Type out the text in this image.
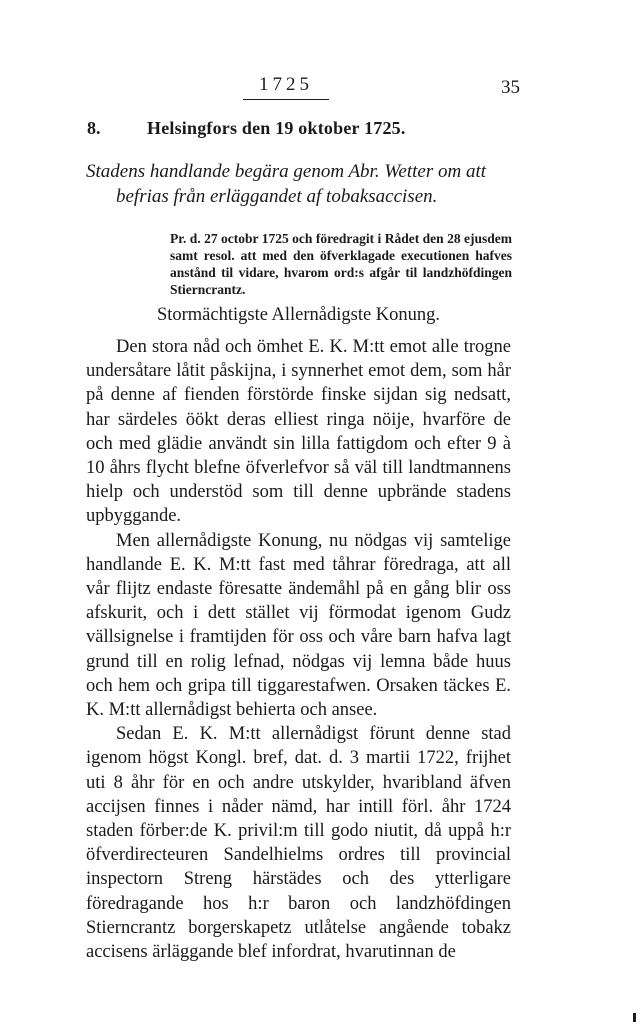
1725	35
8.	Helsingfors den 19 oktober 1725.
Stadens handlande begära genom Abr. Wetter om att
befrias från erläggandet af tobaksaccisen.
Pr. d. 27 octobr 1725 och föredragit i Rådet den 28 ejusdem samt resol. att med den öfverklagade executionen hafves anstånd til vidare, hvarom ord:s afgår til landzhöfdingen Stierncrantz.
Stormächtigste Allernådigste Konung.

Den stora nåd och ömhet E. K. M:tt emot alle trogne undersåtare låtit påskijna, i synnerhet emot dem, som hår på denne af fienden förstörde finske sijdan sig nedsatt, har särdeles öökt deras elliest ringa nöije, hvarföre de och med glädie användt sin lilla fattigdom och efter 9 à 10 åhrs flycht blefne öfverlefvor så väl till landtmannens hielp och understöd som till denne upbrände stadens upbyggande.

Men allernådigste Konung, nu nödgas vij samtelige handlande E. K. M:tt fast med tåhrar föredraga, att all vår flijtz endaste föresatte ändemåhl på en gång blir oss afskurit, och i dett stället vij förmodat igenom Gudz vällsignelse i framtijden för oss och våre barn hafva lagt grund till en rolig lefnad, nödgas vij lemna både huus och hem och gripa till tiggarestafwen. Orsaken täckes E. K. M:tt allernådigst behierta och ansee.

Sedan E. K. M:tt allernådigst förunt denne stad igenom högst Kongl. bref, dat. d. 3 martii 1722, frijhet uti 8 åhr för en och andre utskylder, hvaribland äfven accijsen finnes i nåder nämd, har intill förl. åhr 1724 staden förber:de K. privil:m till godo niutit, då uppå h:r öfverdirecteuren Sandelhielms ordres till provincial inspectorn Streng härstädes och des ytterligare föredragande hos h:r baron och landzhöfdingen Stierncrantz borgerskapetz utlåtelse angående tobakz accisens ärläggande blef infordrat, hvarutinnan de
